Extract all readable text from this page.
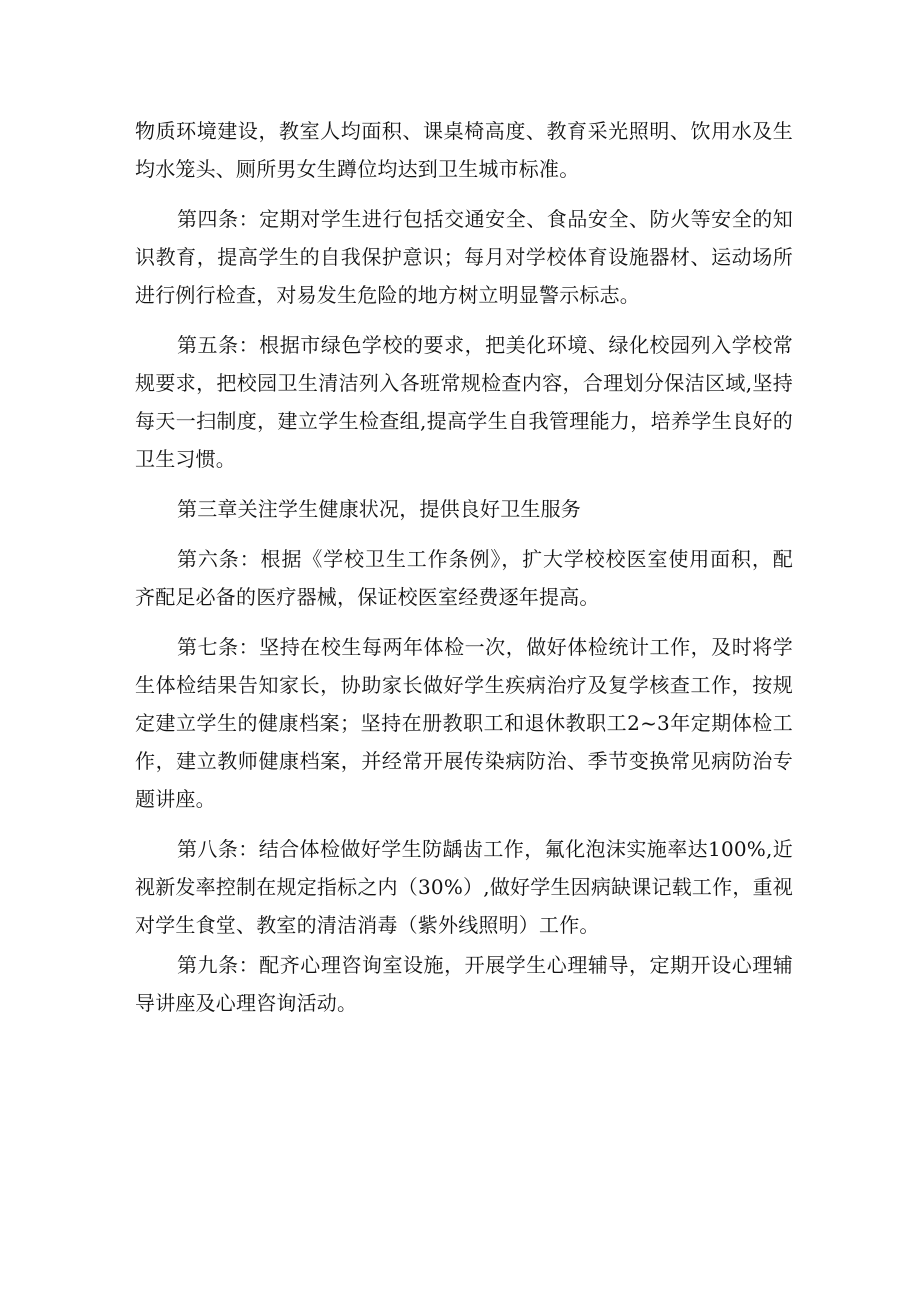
物质环境建设，教室人均面积、课桌椅高度、教育采光照明、饮用水及生均水笼头、厕所男女生蹲位均达到卫生城市标准。

第四条：定期对学生进行包括交通安全、食品安全、防火等安全的知识教育，提高学生的自我保护意识；每月对学校体育设施器材、运动场所进行例行检查，对易发生危险的地方树立明显警示标志。

第五条：根据市绿色学校的要求，把美化环境、绿化校园列入学校常规要求，把校园卫生清洁列入各班常规检查内容，合理划分保洁区域,坚持每天一扫制度，建立学生检查组,提高学生自我管理能力，培养学生良好的卫生习惯。

第三章关注学生健康状况，提供良好卫生服务

第六条：根据《学校卫生工作条例》，扩大学校校医室使用面积，配齐配足必备的医疗器械，保证校医室经费逐年提高。

第七条：坚持在校生每两年体检一次，做好体检统计工作，及时将学生体检结果告知家长，协助家长做好学生疾病治疗及复学核查工作，按规定建立学生的健康档案；坚持在册教职工和退休教职工2~3年定期体检工作，建立教师健康档案，并经常开展传染病防治、季节变换常见病防治专题讲座。

第八条：结合体检做好学生防龋齿工作，氟化泡沫实施率达100%,近视新发率控制在规定指标之内（30%）,做好学生因病缺课记载工作，重视对学生食堂、教室的清洁消毒（紫外线照明）工作。

第九条：配齐心理咨询室设施，开展学生心理辅导，定期开设心理辅导讲座及心理咨询活动。
